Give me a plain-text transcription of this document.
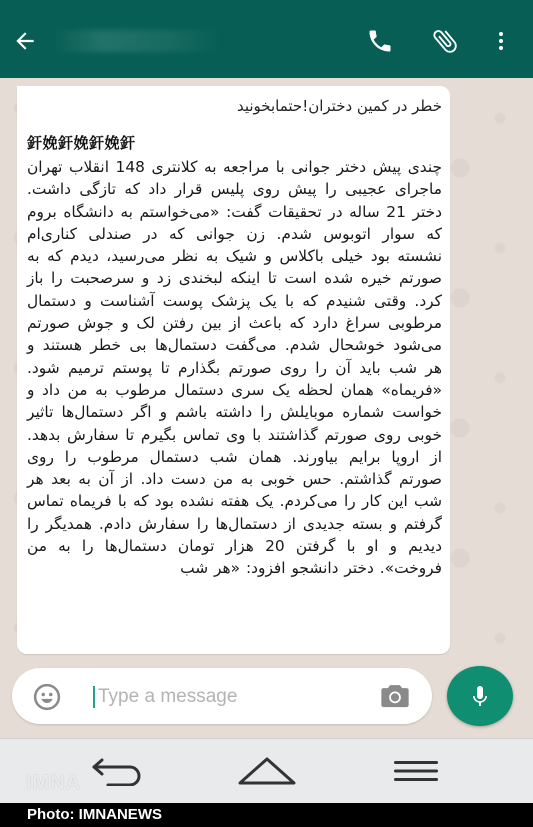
خطر در کمین دختران!حتمابخونید
釬娩釬娩釬娩釬
چندی پیش دختر جوانی با مراجعه به کلانتری 148 انقلاب تهران ماجرای عجیبی را پیش روی پلیس قرار داد که تازگی داشت. دختر 21 ساله در تحقیقات گفت: «می‌خواستم به دانشگاه بروم که سوار اتوبوس شدم. زن جوانی که در صندلی کناری‌ام نشسته بود خیلی باکلاس و شیک به نظر می‌رسید، دیدم که به صورتم خیره شده است تا اینکه لبخندی زد و سرصحبت را باز کرد. وقتی شنیدم که با یک پزشک پوست آشناست و دستمال مرطوبی سراغ دارد که باعث از بین رفتن لک و جوش صورتم می‌شود خوشحال شدم. می‌گفت دستمال‌ها بی خطر هستند و هر شب باید آن را روی صورتم بگذارم تا پوستم ترمیم شود. «فریماه» همان لحظه یک سری دستمال مرطوب به من داد و خواست شماره موبایلش را داشته باشم و اگر دستمال‌ها تاثیر خوبی روی صورتم گذاشتند با وی تماس بگیرم تا سفارش بدهد. از اروپا برایم بیاورند. همان شب دستمال مرطوب را روی صورتم گذاشتم. حس خوبی به من دست داد. از آن به بعد هر شب این کار را می‌کردم. یک هفته نشده بود که با فریماه تماس گرفتم و بسته جدیدی از دستمال‌ها را سفارش دادم. همدیگر را دیدیم و او با گرفتن 20 هزار تومان دستمال‌ها را به من فروخت». دختر دانشجو افزود: «هر شب
Type a message
IMNA
Photo: IMNANEWS
